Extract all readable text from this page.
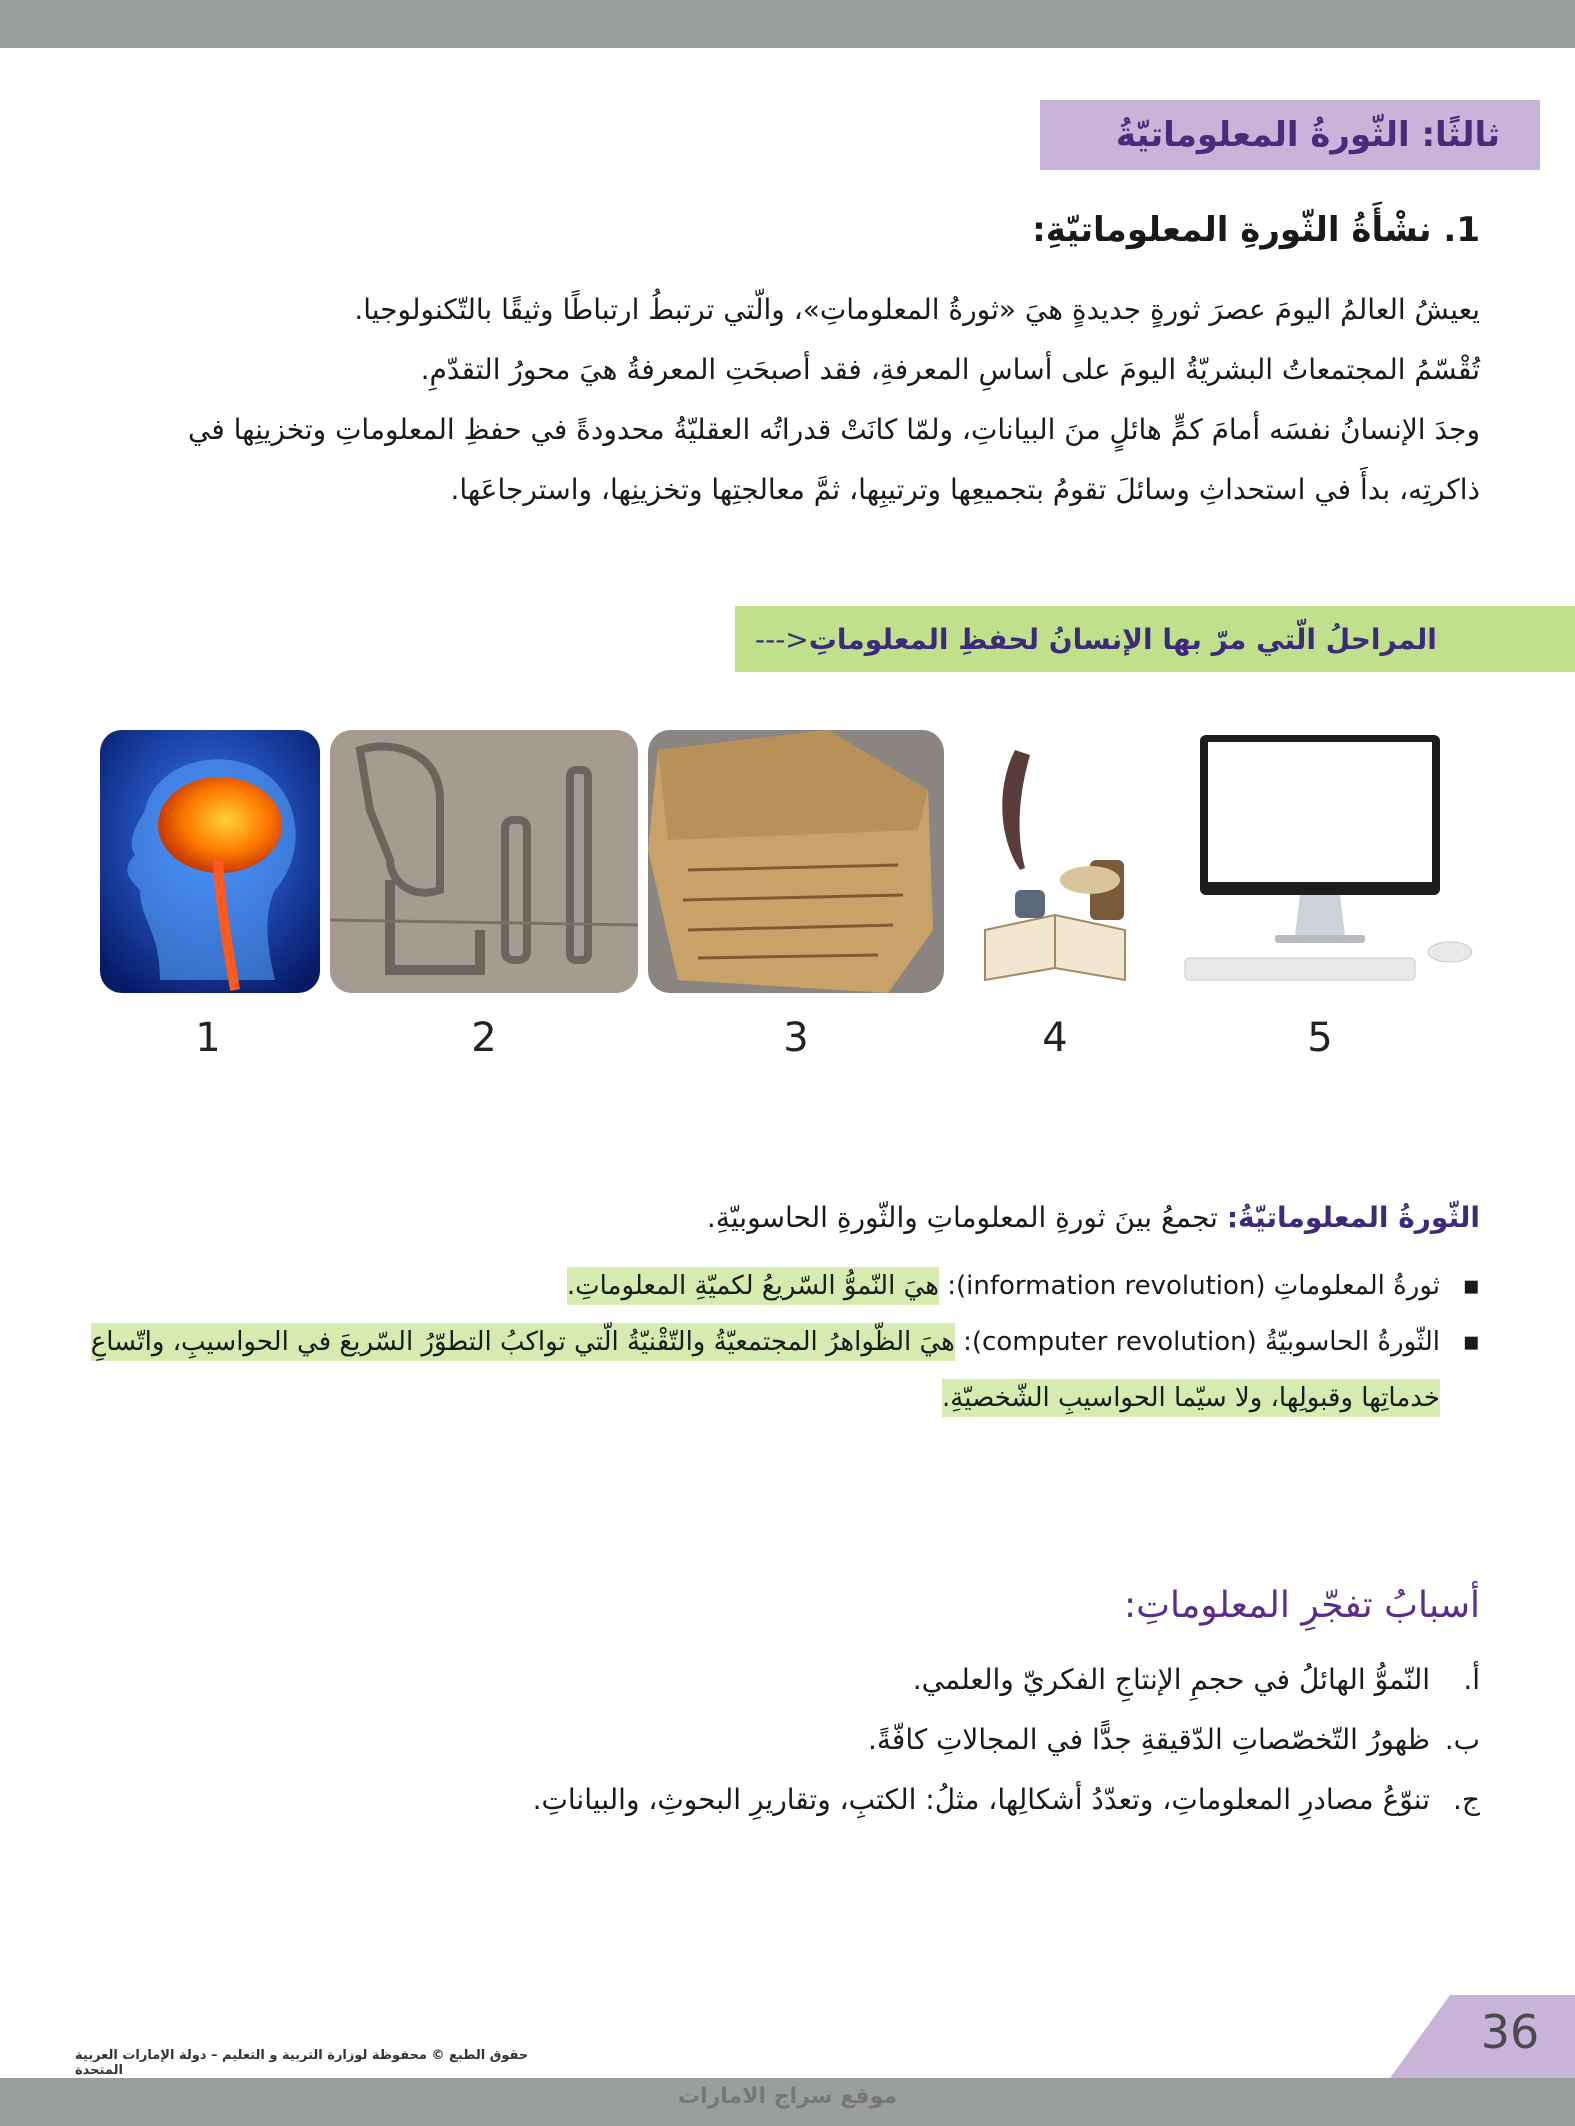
ثالثًا: الثّورةُ المعلوماتيّةُ
1. نشْأَةُ الثّورةِ المعلوماتيّةِ:

يعيشُ العالمُ اليومَ عصرَ ثورةٍ جديدةٍ هيَ «ثورةُ المعلوماتِ»، والّتي ترتبطُ ارتباطًا وثيقًا بالتّكنولوجيا.

تُقْسّمُ المجتمعاتُ البشريّةُ اليومَ على أساسِ المعرفةِ، فقد أصبحَتِ المعرفةُ هيَ محورُ التقدّمِ.

وجدَ الإنسانُ نفسَه أمامَ كمٍّ هائلٍ منَ البياناتِ، ولمّا كانَتْ قدراتُه العقليّةُ محدودةً في حفظِ المعلوماتِ وتخزينِها في ذاكرتِه، بدأَ في استحداثِ وسائلَ تقومُ بتجميعِها وترتيبِها، ثمَّ معالجتِها وتخزينِها، واسترجاعَها.

المراحلُ الّتي مرّ بها الإنسانُ لحفظِ المعلوماتِ
<---
1	2	3	4	5
الثّورةُ المعلوماتيّةُ: تجمعُ بينَ ثورةِ المعلوماتِ والثّورةِ الحاسوبيّةِ.
▪
ثورةُ المعلوماتِ (information revolution): هيَ النّموُّ السّريعُ لكميّةِ المعلوماتِ.
▪
الثّورةُ الحاسوبيّةُ (computer revolution): هيَ الظّواهرُ المجتمعيّةُ والتّقْنيّةُ الّتي تواكبُ التطوّرُ السّريعَ في الحواسيبِ، واتّساعِ خدماتِها وقبولِها، ولا سيّما الحواسيبِ الشّخصيّةِ.
أسبابُ تفجّرِ المعلوماتِ:
أ.
النّموُّ الهائلُ في حجمِ الإنتاجِ الفكريّ والعلمي.
ب.
ظهورُ التّخصّصاتِ الدّقيقةِ جدًّا في المجالاتِ كافّةً.
ج.
تنوّعُ مصادرِ المعلوماتِ، وتعدّدُ أشكالِها، مثلُ: الكتبِ، وتقاريرِ البحوثِ، والبياناتِ.
36
حقوق الطبع © محفوظة لوزارة التربية و التعليم – دولة الإمارات العربية المتحدة
موقع سراج الامارات
